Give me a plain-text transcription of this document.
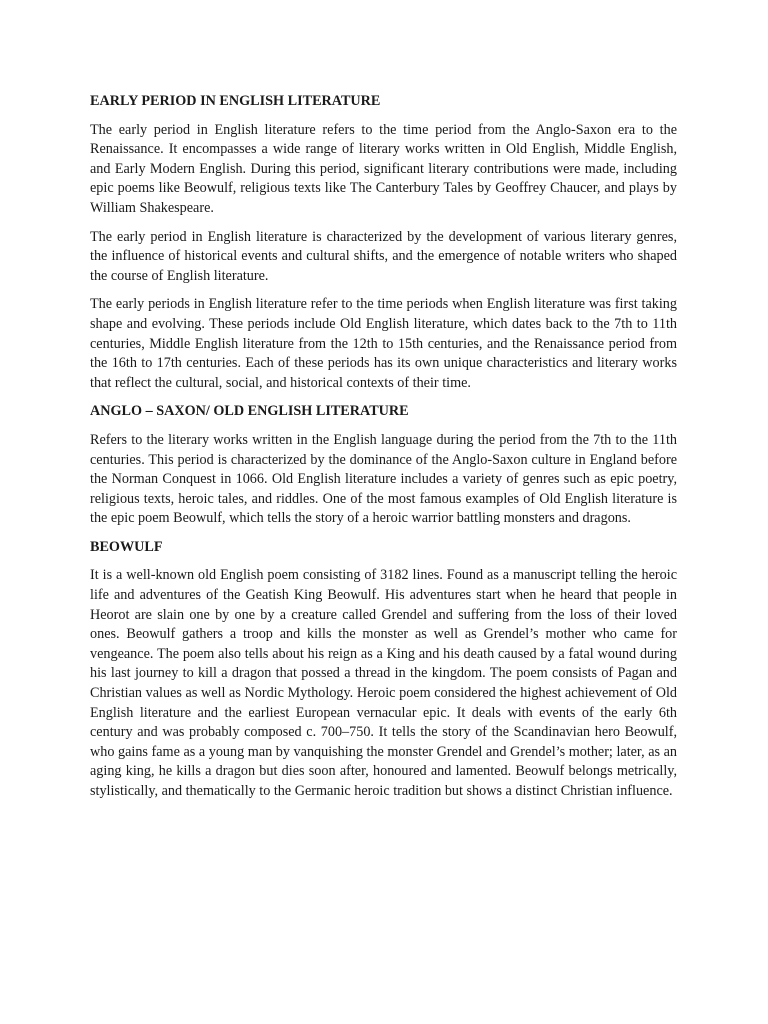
EARLY PERIOD IN ENGLISH LITERATURE

The early period in English literature refers to the time period from the Anglo-Saxon era to the Renaissance. It encompasses a wide range of literary works written in Old English, Middle English, and Early Modern English. During this period, significant literary contributions were made, including epic poems like Beowulf, religious texts like The Canterbury Tales by Geoffrey Chaucer, and plays by William Shakespeare.

The early period in English literature is characterized by the development of various literary genres, the influence of historical events and cultural shifts, and the emergence of notable writers who shaped the course of English literature.

The early periods in English literature refer to the time periods when English literature was first taking shape and evolving. These periods include Old English literature, which dates back to the 7th to 11th centuries, Middle English literature from the 12th to 15th centuries, and the Renaissance period from the 16th to 17th centuries. Each of these periods has its own unique characteristics and literary works that reflect the cultural, social, and historical contexts of their time.

ANGLO – SAXON/ OLD ENGLISH LITERATURE

Refers to the literary works written in the English language during the period from the 7th to the 11th centuries. This period is characterized by the dominance of the Anglo-Saxon culture in England before the Norman Conquest in 1066. Old English literature includes a variety of genres such as epic poetry, religious texts, heroic tales, and riddles. One of the most famous examples of Old English literature is the epic poem Beowulf, which tells the story of a heroic warrior battling monsters and dragons.

BEOWULF

It is a well-known old English poem consisting of 3182 lines. Found as a manuscript telling the heroic life and adventures of the Geatish King Beowulf. His adventures start when he heard that people in Heorot are slain one by one by a creature called Grendel and suffering from the loss of their loved ones. Beowulf gathers a troop and kills the monster as well as Grendel’s mother who came for vengeance. The poem also tells about his reign as a King and his death caused by a fatal wound during his last journey to kill a dragon that possed a thread in the kingdom. The poem consists of Pagan and Christian values as well as Nordic Mythology. Heroic poem considered the highest achievement of Old English literature and the earliest European vernacular epic. It deals with events of the early 6th century and was probably composed c. 700–750. It tells the story of the Scandinavian hero Beowulf, who gains fame as a young man by vanquishing the monster Grendel and Grendel’s mother; later, as an aging king, he kills a dragon but dies soon after, honoured and lamented. Beowulf belongs metrically, stylistically, and thematically to the Germanic heroic tradition but shows a distinct Christian influence.
